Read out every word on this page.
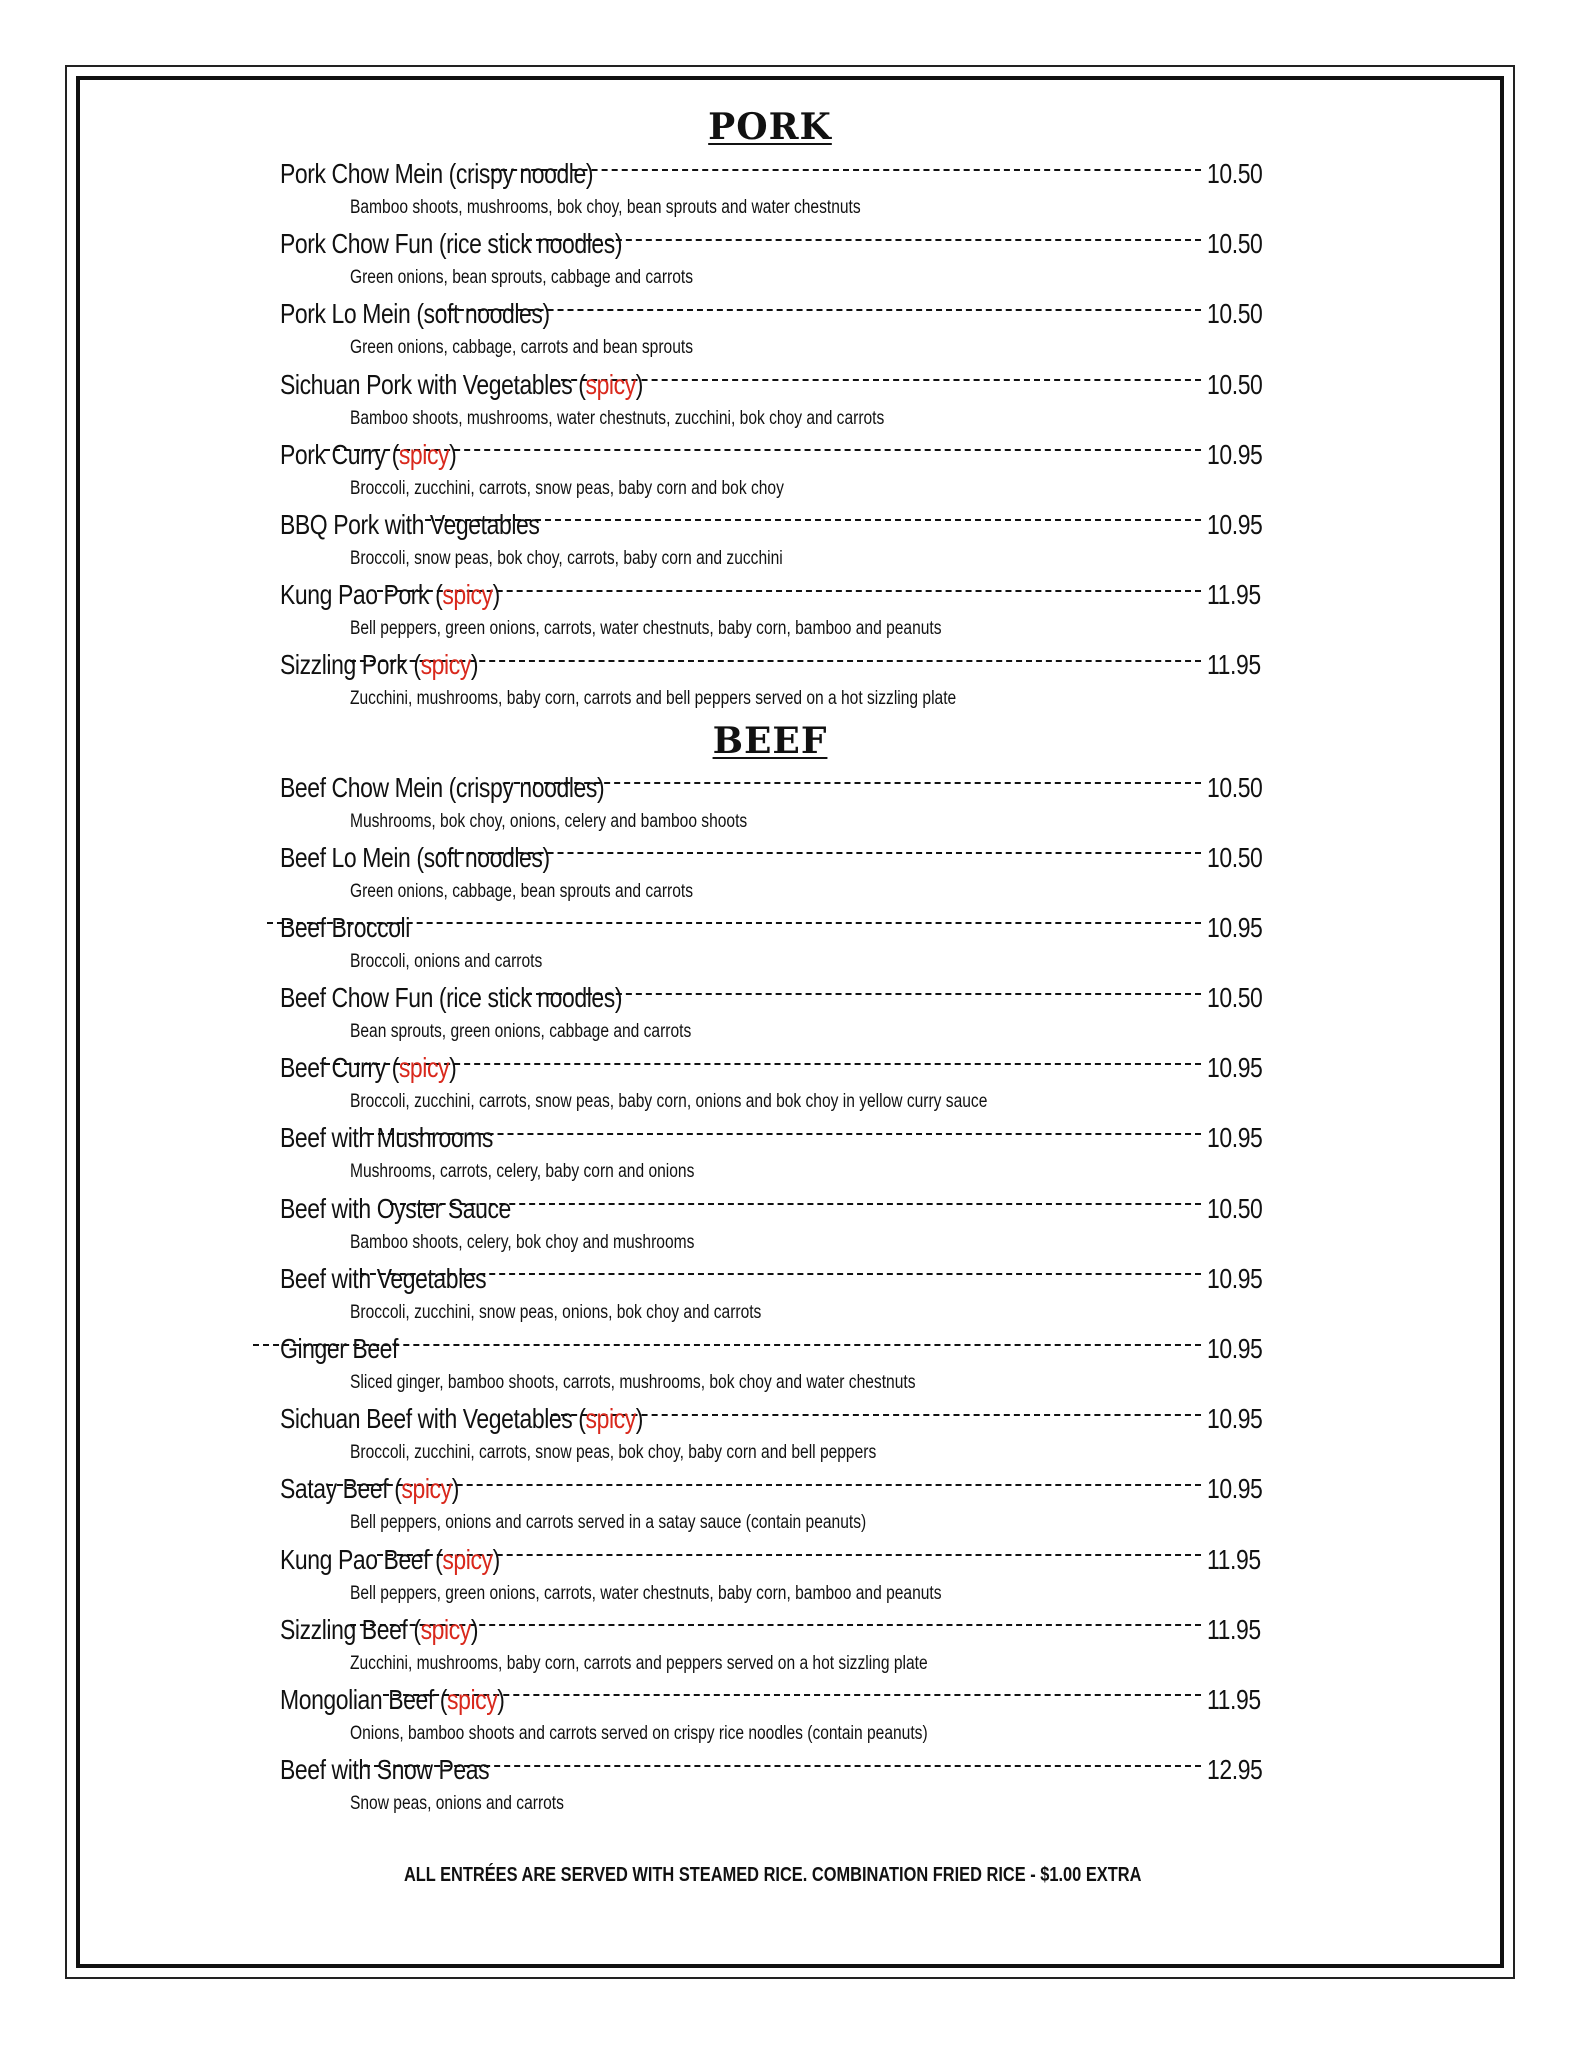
PORK
Pork Chow Mein (crispy noodle)	10.50
Bamboo shoots, mushrooms, bok choy, bean sprouts and water chestnuts
Pork Chow Fun (rice stick noodles)	10.50
Green onions, bean sprouts, cabbage and carrots
Pork Lo Mein (soft noodles)	10.50
Green onions, cabbage, carrots and bean sprouts
Sichuan Pork with Vegetables (spicy)	10.50
Bamboo shoots, mushrooms, water chestnuts, zucchini, bok choy and carrots
Pork Curry (spicy)	10.95
Broccoli, zucchini, carrots, snow peas, baby corn and bok choy
BBQ Pork with Vegetables	10.95
Broccoli, snow peas, bok choy, carrots, baby corn and zucchini
Kung Pao Pork (spicy)	11.95
Bell peppers, green onions, carrots, water chestnuts, baby corn, bamboo and peanuts
Sizzling Pork (spicy)	11.95
Zucchini, mushrooms, baby corn, carrots and bell peppers served on a hot sizzling plate
BEEF
Beef Chow Mein (crispy noodles)	10.50
Mushrooms, bok choy, onions, celery and bamboo shoots
Beef Lo Mein (soft noodles)	10.50
Green onions, cabbage, bean sprouts and carrots
Beef Broccoli	10.95
Broccoli, onions and carrots
Beef Chow Fun (rice stick noodles)	10.50
Bean sprouts, green onions, cabbage and carrots
Beef Curry (spicy)	10.95
Broccoli, zucchini, carrots, snow peas, baby corn, onions and bok choy in yellow curry sauce
Beef with Mushrooms	10.95
Mushrooms, carrots, celery, baby corn and onions
Beef with Oyster Sauce	10.50
Bamboo shoots, celery, bok choy and mushrooms
Beef with Vegetables	10.95
Broccoli, zucchini, snow peas, onions, bok choy and carrots
Ginger Beef	10.95
Sliced ginger, bamboo shoots, carrots, mushrooms, bok choy and water chestnuts
Sichuan Beef with Vegetables (spicy)	10.95
Broccoli, zucchini, carrots, snow peas, bok choy, baby corn and bell peppers
Satay Beef (spicy)	10.95
Bell peppers, onions and carrots served in a satay sauce (contain peanuts)
Kung Pao Beef (spicy)	11.95
Bell peppers, green onions, carrots, water chestnuts, baby corn, bamboo and peanuts
Sizzling Beef (spicy)	11.95
Zucchini, mushrooms, baby corn, carrots and peppers served on a hot sizzling plate
Mongolian Beef (spicy)	11.95
Onions, bamboo shoots and carrots served on crispy rice noodles (contain peanuts)
Beef with Snow Peas	12.95
Snow peas, onions and carrots
ALL ENTRÉES ARE SERVED WITH STEAMED RICE. COMBINATION FRIED RICE - $1.00 EXTRA
